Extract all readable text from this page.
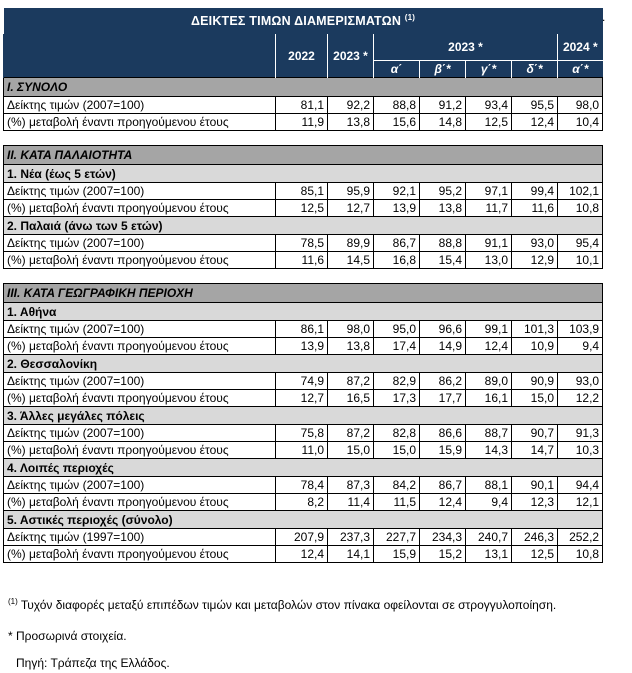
ΔΕΙΚΤΕΣ ΤΙΜΩΝ ΔΙΑΜΕΡΙΣΜΑΤΩΝ $^{(1)}$
	2022	2023 *	2023 *				2024 *
			α΄	β΄*	γ΄*	δ΄*	α΄*
I. ΣΥΝΟΛΟ							
Δείκτης τιμών (2007=100)	81,1	92,2	88,8	91,2	93,4	95,5	98,0
(%) μεταβολή έναντι προηγούμενου έτους	11,9	13,8	15,6	14,8	12,5	12,4	10,4

II. ΚΑΤΑ ΠΑΛΑΙΟΤΗΤΑ							
1. Νέα (έως 5 ετών)							
Δείκτης τιμών (2007=100)	85,1	95,9	92,1	95,2	97,1	99,4	102,1
(%) μεταβολή έναντι προηγούμενου έτους	12,5	12,7	13,9	13,8	11,7	11,6	10,8
2. Παλαιά (άνω των 5 ετών)							
Δείκτης τιμών (2007=100)	78,5	89,9	86,7	88,8	91,1	93,0	95,4
(%) μεταβολή έναντι προηγούμενου έτους	11,6	14,5	16,8	15,4	13,0	12,9	10,1

III. ΚΑΤΑ ΓΕΩΓΡΑΦΙΚΗ ΠΕΡΙΟΧΗ							
1. Αθήνα							
Δείκτης τιμών (2007=100)	86,1	98,0	95,0	96,6	99,1	101,3	103,9
(%) μεταβολή έναντι προηγούμενου έτους	13,9	13,8	17,4	14,9	12,4	10,9	9,4
2. Θεσσαλονίκη							
Δείκτης τιμών (2007=100)	74,9	87,2	82,9	86,2	89,0	90,9	93,0
(%) μεταβολή έναντι προηγούμενου έτους	12,7	16,5	17,3	17,7	16,1	15,0	12,2
3. Άλλες μεγάλες πόλεις							
Δείκτης τιμών (2007=100)	75,8	87,2	82,8	86,6	88,7	90,7	91,3
(%) μεταβολή έναντι προηγούμενου έτους	11,0	15,0	15,0	15,9	14,3	14,7	10,3
4. Λοιπές περιοχές							
Δείκτης τιμών (2007=100)	78,4	87,3	84,2	86,7	88,1	90,1	94,4
(%) μεταβολή έναντι προηγούμενου έτους	8,2	11,4	11,5	12,4	9,4	12,3	12,1
5. Αστικές περιοχές (σύνολο)							
Δείκτης τιμών (1997=100)	207,9	237,3	227,7	234,3	240,7	246,3	252,2
(%) μεταβολή έναντι προηγούμενου έτους	12,4	14,1	15,9	15,2	13,1	12,5	10,8
.
$^{(1)}$ Τυχόν διαφορές μεταξύ επιπέδων τιμών και μεταβολών στον πίνακα οφείλονται σε στρογγυλοποίηση.
* Προσωρινά στοιχεία.
Πηγή: Τράπεζα της Ελλάδος.
